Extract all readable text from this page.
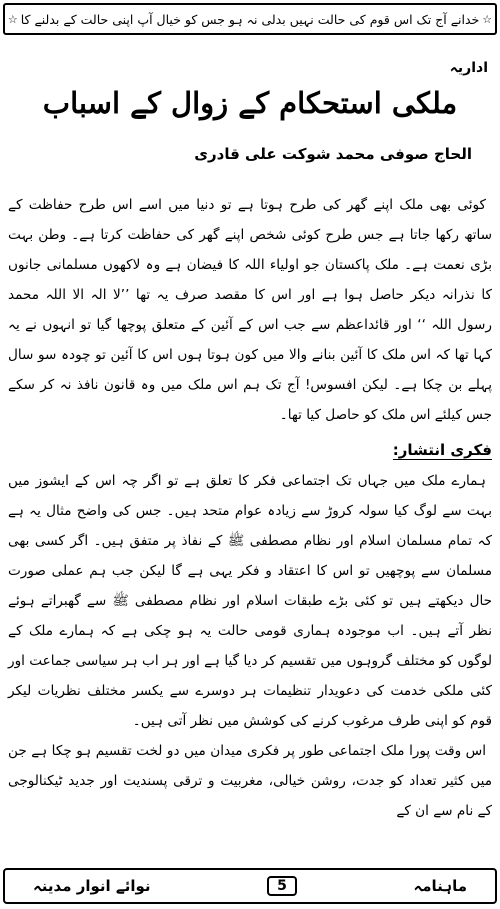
☆
خدانے آج تک اس قوم کی حالت نہیں بدلی نہ ہو جس کو خیال آپ اپنی حالت کے بدلنے کا
☆
اداریہ
ملکی استحکام کے زوال کے اسباب
الحاج صوفی محمد شوکت علی قادری

کوئی بھی ملک اپنے گھر کی طرح ہوتا ہے تو دنیا میں اسے اس طرح حفاظت کے ساتھ رکھا جاتا ہے جس طرح کوئی شخص اپنے گھر کی حفاظت کرتا ہے۔ وطن بہت بڑی نعمت ہے۔ ملک پاکستان جو اولیاء اللہ کا فیضان ہے وہ لاکھوں مسلمانی جانوں کا نذرانہ دیکر حاصل ہوا ہے اور اس کا مقصد صرف یہ تھا ’’لا الہ الا اللہ محمد رسول اللہ ‘‘ اور قائداعظم سے جب اس کے آئین کے متعلق پوچھا گیا تو انہوں نے یہ کہا تھا کہ اس ملک کا آئین بنانے والا میں کون ہوتا ہوں اس کا آئین تو چودہ سو سال پہلے بن چکا ہے۔ لیکن افسوس! آج تک ہم اس ملک میں وہ قانون نافذ نہ کر سکے جس کیلئے اس ملک کو حاصل کیا تھا۔

فکری انتشار:

ہمارے ملک میں جہاں تک اجتماعی فکر کا تعلق ہے تو اگر چہ اس کے ایشوز میں بہت سے لوگ کیا سولہ کروڑ سے زیادہ عوام متحد ہیں۔ جس کی واضح مثال یہ ہے کہ تمام مسلمان اسلام اور نظام مصطفی ﷺ کے نفاذ پر متفق ہیں۔ اگر کسی بھی مسلمان سے پوچھیں تو اس کا اعتقاد و فکر یہی ہے گا لیکن جب ہم عملی صورت حال دیکھتے ہیں تو کئی بڑے طبقات اسلام اور نظام مصطفی ﷺ سے گھبراتے ہوئے نظر آتے ہیں۔ اب موجودہ ہماری قومی حالت یہ ہو چکی ہے کہ ہمارے ملک کے لوگوں کو مختلف گروہوں میں تقسیم کر دیا گیا ہے اور ہر اب ہر سیاسی جماعت اور کئی ملکی خدمت کی دعویدار تنظیمات ہر دوسرے سے یکسر مختلف نظریات لیکر قوم کو اپنی طرف مرغوب کرنے کی کوشش میں نظر آتی ہیں۔

اس وقت پورا ملک اجتماعی طور پر فکری میدان میں دو لخت تقسیم ہو چکا ہے جن میں کثیر تعداد کو جدت، روشن خیالی، مغربیت و ترقی پسندیت اور جدید ٹیکنالوجی کے نام سے ان کے

ماہنامہ
5
نوائے انوار مدینہ
